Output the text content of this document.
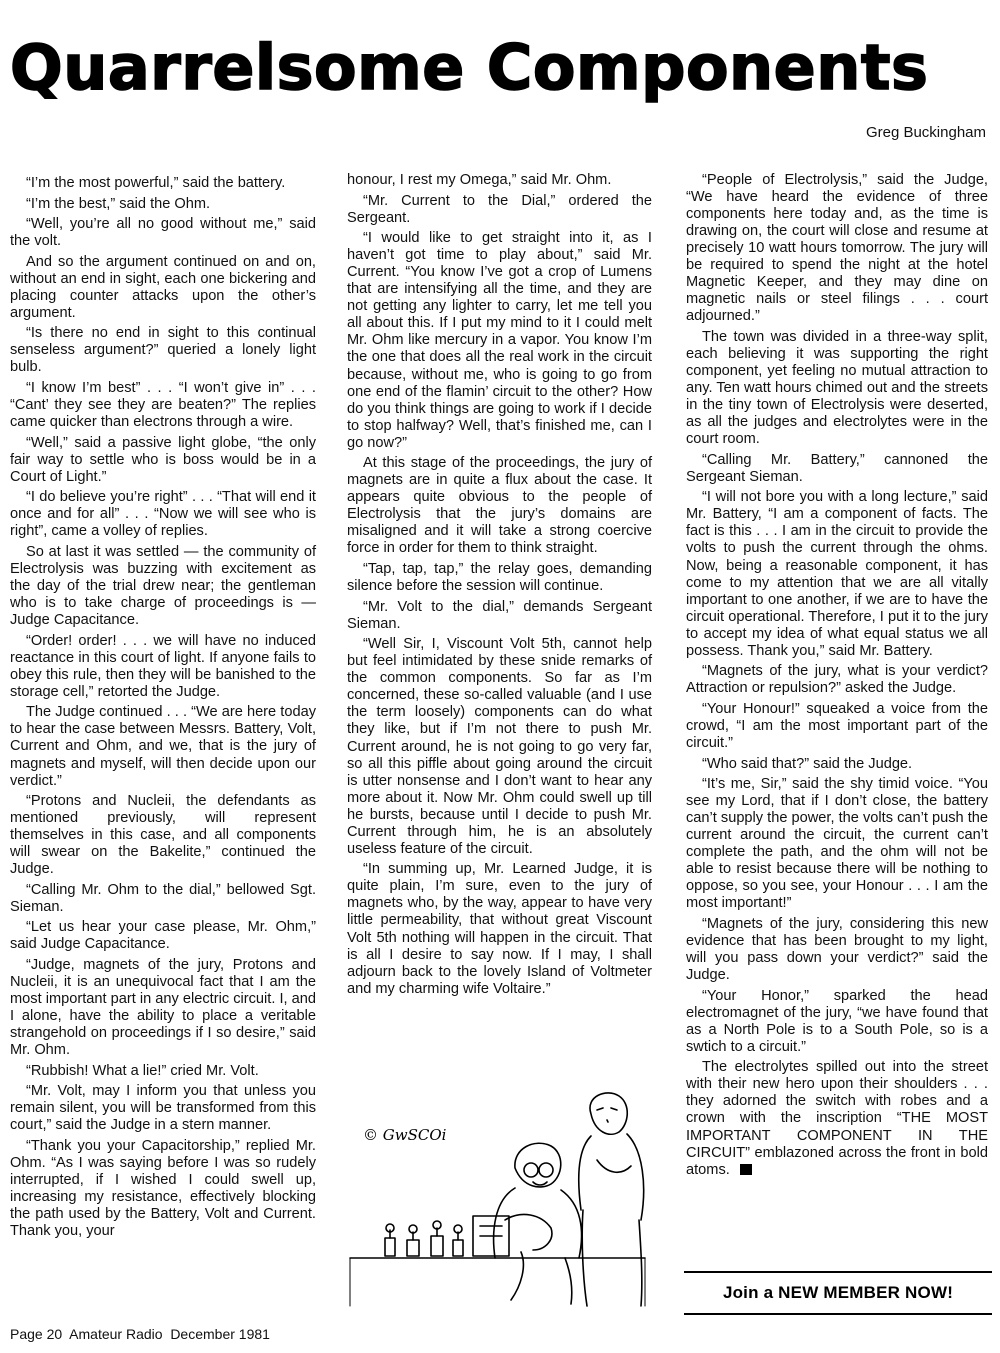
Quarrelsome Components
Greg Buckingham

“I’m the most powerful,” said the battery.

“I’m the best,” said the Ohm.

“Well, you’re all no good without me,” said the volt.

And so the argument continued on and on, without an end in sight, each one bickering and placing counter attacks upon the other’s argument.

“Is there no end in sight to this continual senseless argument?” queried a lonely light bulb.

“I know I’m best” . . . “I won’t give in” . . . “Cant’ they see they are beaten?” The replies came quicker than electrons through a wire.

“Well,” said a passive light globe, “the only fair way to settle who is boss would be in a Court of Light.”

“I do believe you’re right” . . . “That will end it once and for all” . . . “Now we will see who is right”, came a volley of replies.

So at last it was settled — the community of Electrolysis was buzzing with excitement as the day of the trial drew near; the gentleman who is to take charge of proceedings is — Judge Capacitance.

“Order! order! . . . we will have no induced reactance in this court of light. If anyone fails to obey this rule, then they will be banished to the storage cell,” retorted the Judge.

The Judge continued . . . “We are here today to hear the case between Messrs. Battery, Volt, Current and Ohm, and we, that is the jury of magnets and myself, will then decide upon our verdict.”

“Protons and Nucleii, the defendants as mentioned previously, will represent themselves in this case, and all components will swear on the Bakelite,” continued the Judge.

“Calling Mr. Ohm to the dial,” bellowed Sgt. Sieman.

“Let us hear your case please, Mr. Ohm,” said Judge Capacitance.

“Judge, magnets of the jury, Protons and Nucleii, it is an unequivocal fact that I am the most important part in any electric circuit. I, and I alone, have the ability to place a veritable strangehold on proceedings if I so desire,” said Mr. Ohm.

“Rubbish! What a lie!” cried Mr. Volt.

“Mr. Volt, may I inform you that unless you remain silent, you will be transformed from this court,” said the Judge in a stern manner.

“Thank you your Capacitorship,” replied Mr. Ohm. “As I was saying before I was so rudely interrupted, if I wished I could swell up, increasing my resistance, effectively blocking the path used by the Battery, Volt and Current. Thank you, your

honour, I rest my Omega,” said Mr. Ohm.

“Mr. Current to the Dial,” ordered the Sergeant.

“I would like to get straight into it, as I haven’t got time to play about,” said Mr. Current. “You know I’ve got a crop of Lumens that are intensifying all the time, and they are not getting any lighter to carry, let me tell you all about this. If I put my mind to it I could melt Mr. Ohm like mercury in a vapor. You know I’m the one that does all the real work in the circuit because, without me, who is going to go from one end of the flamin’ circuit to the other? How do you think things are going to work if I decide to stop halfway? Well, that’s finished me, can I go now?”

At this stage of the proceedings, the jury of magnets are in quite a flux about the case. It appears quite obvious to the people of Electrolysis that the jury’s domains are misaligned and it will take a strong coercive force in order for them to think straight.

“Tap, tap, tap,” the relay goes, demanding silence before the session will continue.

“Mr. Volt to the dial,” demands Sergeant Sieman.

“Well Sir, I, Viscount Volt 5th, cannot help but feel intimidated by these snide remarks of the common components. So far as I’m concerned, these so-called valuable (and I use the term loosely) components can do what they like, but if I’m not there to push Mr. Current around, he is not going to go very far, so all this piffle about going around the circuit is utter nonsense and I don’t want to hear any more about it. Now Mr. Ohm could swell up till he bursts, because until I decide to push Mr. Current through him, he is an absolutely useless feature of the circuit.

“In summing up, Mr. Learned Judge, it is quite plain, I’m sure, even to the jury of magnets who, by the way, appear to have very little permeability, that without great Viscount Volt 5th nothing will happen in the circuit. That is all I desire to say now. If I may, I shall adjourn back to the lovely Island of Voltmeter and my charming wife Voltaire.”

“People of Electrolysis,” said the Judge, “We have heard the evidence of three components here today and, as the time is drawing on, the court will close and resume at precisely 10 watt hours tomorrow. The jury will be required to spend the night at the hotel Magnetic Keeper, and they may dine on magnetic nails or steel filings . . . court adjourned.”

The town was divided in a three-way split, each believing it was supporting the right component, yet feeling no mutual attraction to any. Ten watt hours chimed out and the streets in the tiny town of Electrolysis were deserted, as all the judges and electrolytes were in the court room.

“Calling Mr. Battery,” cannoned the Sergeant Sieman.

“I will not bore you with a long lecture,” said Mr. Battery, “I am a component of facts. The fact is this . . . I am in the circuit to provide the volts to push the current through the ohms. Now, being a reasonable component, it has come to my attention that we are all vitally important to one another, if we are to have the circuit operational. Therefore, I put it to the jury to accept my idea of what equal status we all possess. Thank you,” said Mr. Battery.

“Magnets of the jury, what is your verdict? Attraction or repulsion?” asked the Judge.

“Your Honour!” squeaked a voice from the crowd, “I am the most important part of the circuit.”

“Who said that?” said the Judge.

“It’s me, Sir,” said the shy timid voice. “You see my Lord, that if I don’t close, the battery can’t supply the power, the volts can’t push the current around the circuit, the current can’t complete the path, and the ohm will not be able to resist because there will be nothing to oppose, so you see, your Honour . . . I am the most important!”

“Magnets of the jury, considering this new evidence that has been brought to my light, will you pass down your verdict?” said the Judge.

“Your Honor,” sparked the head electromagnet of the jury, “we have found that as a North Pole is to a South Pole, so is a swtich to a circuit.”

The electrolytes spilled out into the street with their new hero upon their shoulders . . . they adorned the switch with robes and a crown with the inscription “THE MOST IMPORTANT COMPONENT IN THE CIRCUIT” emblazoned across the front in bold atoms.

© GwSCOi
Join a NEW MEMBER NOW!
Page 20  Amateur Radio  December 1981
